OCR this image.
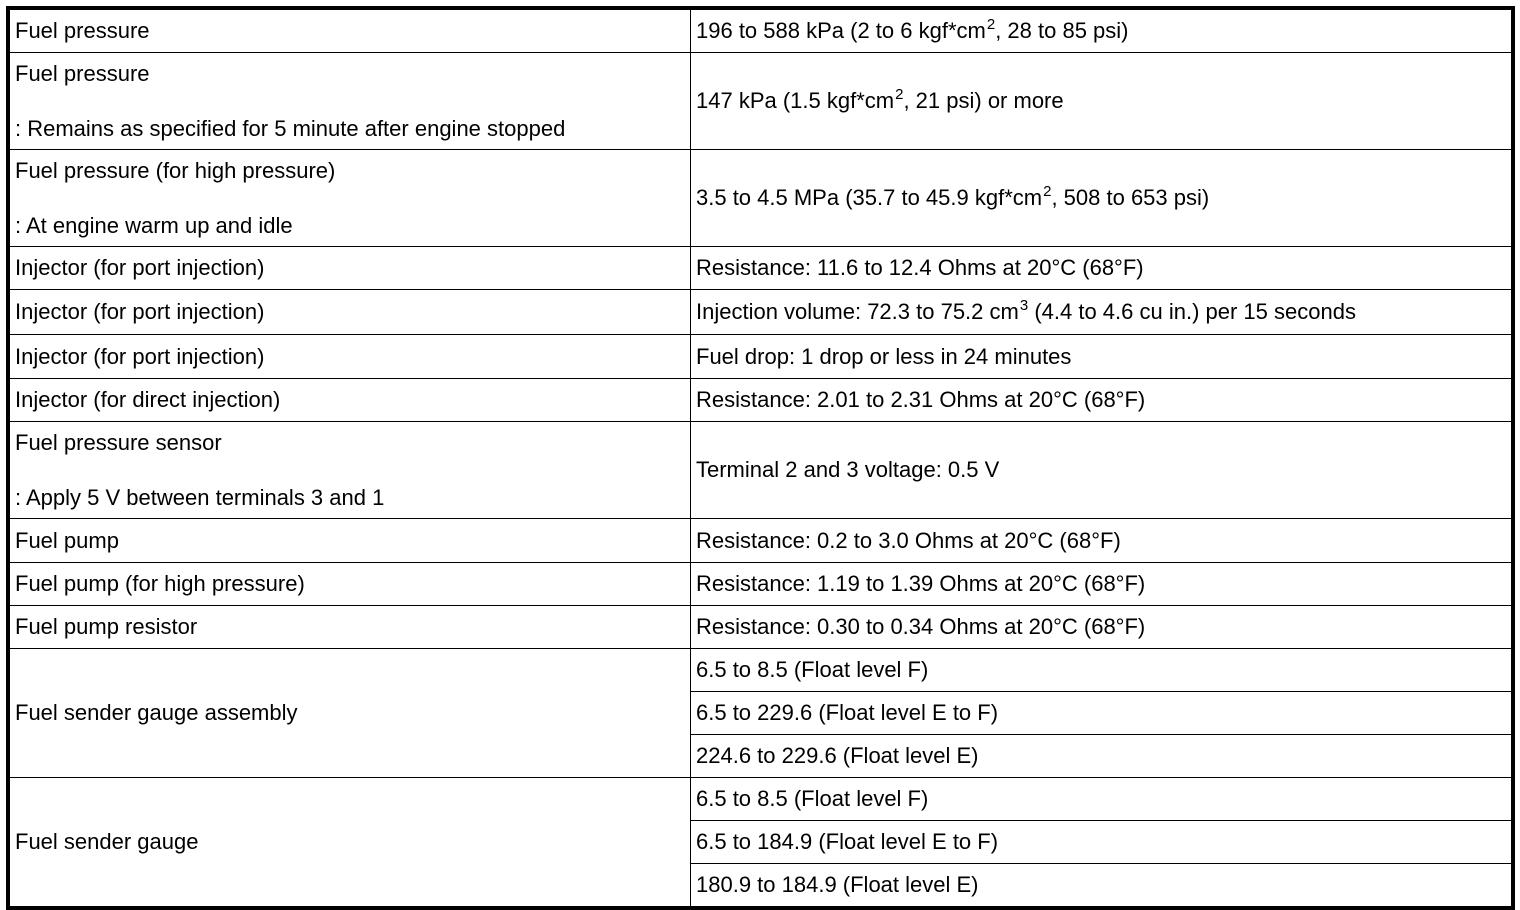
Fuel pressure	196 to 588 kPa (2 to 6 $kgf*cm^2$, 28 to 85 psi)
Fuel pressure
: Remains as specified for 5 minute after engine stopped	147 kPa (1.5 $kgf*cm^2$, 21 psi) or more
Fuel pressure (for high pressure)
: At engine warm up and idle	3.5 to 4.5 MPa (35.7 to 45.9 $kgf*cm^2$, 508 to 653 psi)
Injector (for port injection)	Resistance: 11.6 to 12.4 Ohms at 20°C (68°F)
Injector (for port injection)	Injection volume: 72.3 to 75.2 $cm^3$ (4.4 to 4.6 cu in.) per 15 seconds
Injector (for port injection)	Fuel drop: 1 drop or less in 24 minutes
Injector (for direct injection)	Resistance: 2.01 to 2.31 Ohms at 20°C (68°F)
Fuel pressure sensor
: Apply 5 V between terminals 3 and 1	Terminal 2 and 3 voltage: 0.5 V
Fuel pump	Resistance: 0.2 to 3.0 Ohms at 20°C (68°F)
Fuel pump (for high pressure)	Resistance: 1.19 to 1.39 Ohms at 20°C (68°F)
Fuel pump resistor	Resistance: 0.30 to 0.34 Ohms at 20°C (68°F)
Fuel sender gauge assembly	6.5 to 8.5 (Float level F)
	6.5 to 229.6 (Float level E to F)
	224.6 to 229.6 (Float level E)
Fuel sender gauge	6.5 to 8.5 (Float level F)
	6.5 to 184.9 (Float level E to F)
	180.9 to 184.9 (Float level E)
